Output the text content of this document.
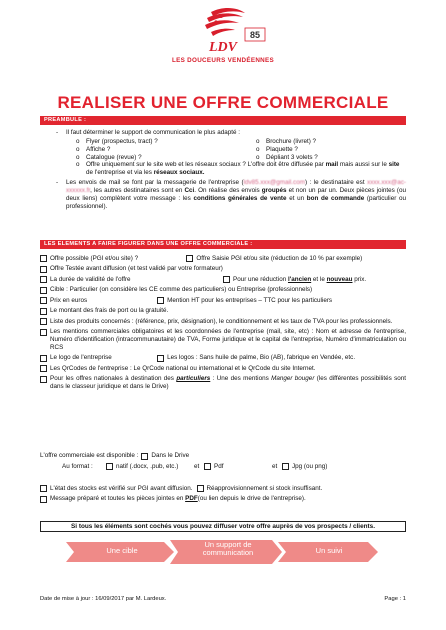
LDV
85
LES DOUCEURS VENDÉENNES
REALISER UNE OFFRE COMMERCIALE
PREAMBULE :
- Il faut déterminer le support de communication le plus adapté :
o Flyer (prospectus, tract) ?
o Affiche ?
o Catalogue (revue) ?
o Brochure (livret) ?
o Plaquette ?
o Dépliant 3 volets ?
o Offre uniquement sur le site web et les réseaux sociaux ? L'offre doit être diffusée par mail mais aussi sur le site de l'entreprise et via les réseaux sociaux.
- Les envois de mail se font par la messagerie de l'entreprise (ldv85.xxx@gmail.com) : le destinataire est xxxx.xxx@ac-xxxxxx.fr, les autres destinataires sont en Cci. On réalise des envois groupés et non un par un. Deux pièces jointes (ou deux liens) complètent votre message : les conditions générales de vente et un bon de commande (particulier ou professionnel).
LES ELEMENTS A FAIRE FIGURER DANS UNE OFFRE COMMERCIALE :
Offre possible (PGI et/ou site) ?	Offre Saisie PGI et/ou site (réduction de 10 % par exemple)
Offre Testée avant diffusion (et test validé par votre formateur)
La durée de validité de l'offre	Pour une réduction l'ancien et le nouveau prix.
Cible : Particulier (on considère les CE comme des particuliers) ou Entreprise (professionnels)
Prix en euros	Mention HT pour les entreprises – TTC pour les particuliers
Le montant des frais de port ou la gratuité.
Liste des produits concernés : (référence, prix, désignation), le conditionnement et les taux de TVA pour les professionnels.
Les mentions commerciales obligatoires et les coordonnées de l'entreprise (mail, site, etc) : Nom et adresse de l'entreprise, Numéro d'identification (intracommunautaire) de TVA, Forme juridique et le capital de l'entreprise, Numéro d'immatriculation ou RCS
Le logo de l'entreprise	Les logos : Sans huile de palme, Bio (AB), fabrique en Vendée, etc.
Les QrCodes de l'entreprise : Le QrCode national ou international et le QrCode du site Internet.
Pour les offres nationales à destination des particuliers : Une des mentions Manger bouger (les différentes possibilités sont dans le classeur juridique et dans le Drive)
L'offre commerciale est disponible : Dans le Drive
Au format :	natif (.docx, .pub, etc.)	et	Pdf	et	Jpg (ou png)
L'état des stocks est vérifié sur PGI avant diffusion. Réapprovisionnement si stock insuffisant.
Message préparé et toutes les pièces jointes en PDF(ou lien depuis le drive de l'entreprise).
Si tous les éléments sont cochés vous pouvez diffuser votre offre auprès de vos prospects / clients.
Une cible
Un support de
communication	Un suivi
Date de mise à jour : 16/09/2017 par M. Lardeux.	Page : 1
